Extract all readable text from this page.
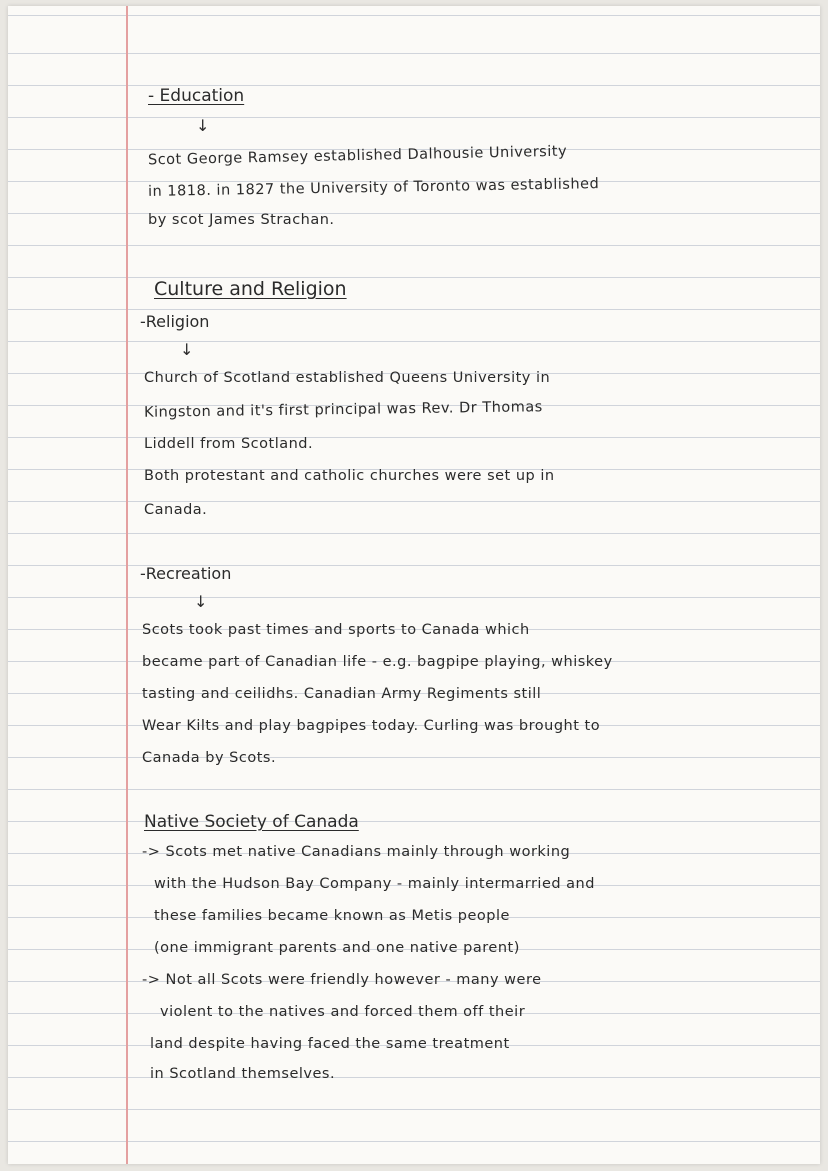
- Education
↓
Scot George Ramsey established Dalhousie University
in 1818. in 1827 the University of Toronto was established
by scot James Strachan.
Culture and Religion
-Religion
↓
Church of Scotland established Queens University in
Kingston and it's first principal was Rev. Dr Thomas
Liddell from Scotland.
Both protestant and catholic churches were set up in
Canada.
-Recreation
↓
Scots took past times and sports to Canada which
became part of Canadian life - e.g. bagpipe playing, whiskey
tasting and ceilidhs. Canadian Army Regiments still
Wear Kilts and play bagpipes today. Curling was brought to
Canada by Scots.
Native Society of Canada
-> Scots met native Canadians mainly through working
with the Hudson Bay Company - mainly intermarried and
these families became known as Metis people
(one immigrant parents and one native parent)
-> Not all Scots were friendly however - many were
violent to the natives and forced them off their
land despite having faced the same treatment
in Scotland themselves.
